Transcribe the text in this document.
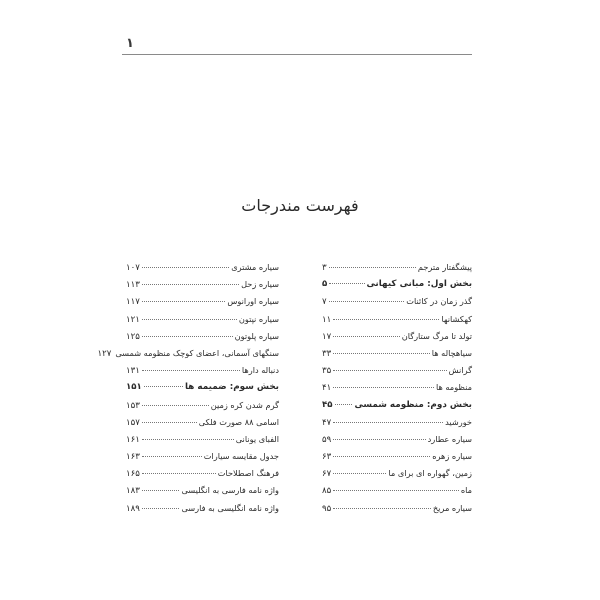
۱
فهرست مندرجات
پیشگفتار مترجم
۳
بخش اول: مبانی کیهانی
۵
گذر زمان در کائنات
۷
کهکشانها
۱۱
تولد تا مرگ ستارگان
۱۷
سیاهچاله ها
۳۳
گرانش
۳۵
منظومه ها
۴۱
بخش دوم: منظومه شمسی
۴۵
خورشید
۴۷
سیاره عطارد
۵۹
سیاره زهره
۶۳
زمین، گهواره ای برای ما
۶۷
ماه
۸۵
سیاره مریخ
۹۵
سیاره مشتری
۱۰۷
سیاره زحل
۱۱۳
سیاره اورانوس
۱۱۷
سیاره نپتون
۱۲۱
سیاره پلوتون
۱۲۵
سنگهای آسمانی، اعضای کوچک منظومه شمسی
۱۲۷
دنباله دارها
۱۳۱
بخش سوم: ضمیمه ها
۱۵۱
گرم شدن کره زمین
۱۵۳
اسامی ۸۸ صورت فلکی
۱۵۷
الفبای یونانی
۱۶۱
جدول مقایسه سیارات
۱۶۳
فرهنگ اصطلاحات
۱۶۵
واژه نامه فارسی به انگلیسی
۱۸۳
واژه نامه انگلیسی به فارسی
۱۸۹
